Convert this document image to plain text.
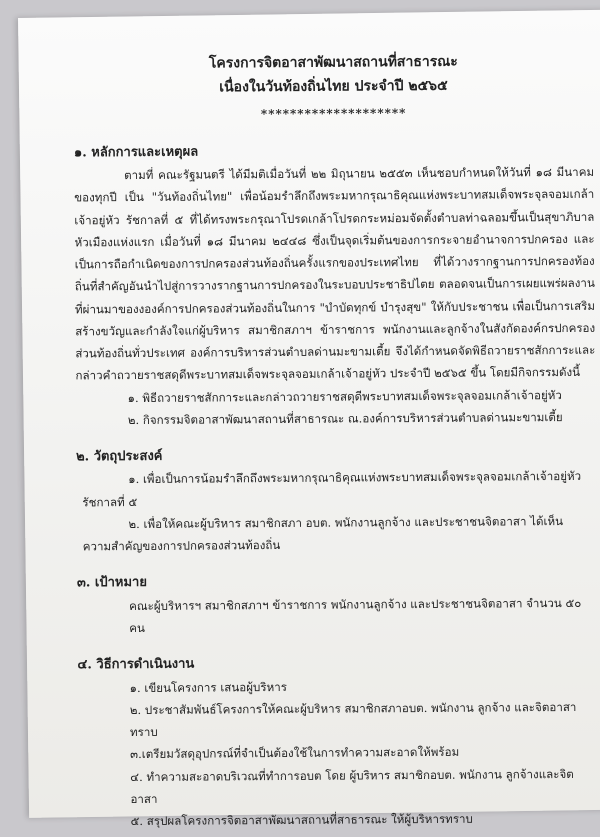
โครงการจิตอาสาพัฒนาสถานที่สาธารณะ
เนื่องในวันท้องถิ่นไทย ประจำปี ๒๕๖๕
********************
๑. หลักการและเหตุผล
ตามที่ คณะรัฐมนตรี ได้มีมติเมื่อวันที่ ๒๒ มิถุนายน ๒๕๕๓ เห็นชอบกำหนดให้วันที่ ๑๘ มีนาคม ของทุกปี เป็น "วันท้องถิ่นไทย" เพื่อน้อมรำลึกถึงพระมหากรุณาธิคุณแห่งพระบาทสมเด็จพระจุลจอมเกล้าเจ้าอยู่หัว รัชกาลที่ ๕ ที่ได้ทรงพระกรุณาโปรดเกล้าโปรดกระหม่อมจัดตั้งตำบลท่าฉลอมขึ้นเป็นสุขาภิบาลหัวเมืองแห่งแรก เมื่อวันที่ ๑๘ มีนาคม ๒๔๔๘ ซึ่งเป็นจุดเริ่มต้นของการกระจายอำนาจการปกครอง และเป็นการถือกำเนิดของการปกครองส่วนท้องถิ่นครั้งแรกของประเทศไทย ที่ได้วางรากฐานการปกครองท้องถิ่นที่สำคัญอันนำไปสู่การวางรากฐานการปกครองในระบอบประชาธิปไตย ตลอดจนเป็นการเผยแพร่ผลงานที่ผ่านมาของงองค์การปกครองส่วนท้องถิ่นในการ "บำบัดทุกข์ บำรุงสุข" ให้กับประชาชน เพื่อเป็นการเสริมสร้างขวัญและกำลังใจแก่ผู้บริหาร สมาชิกสภาฯ ข้าราชการ พนักงานและลูกจ้างในสังกัดองค์กรปกครองส่วนท้องถิ่นทั่วประเทศ องค์การบริหารส่วนตำบลด่านมะขามเตี้ย จึงได้กำหนดจัดพิธีถวายราชสักการะและกล่าวคำถวายราชสดุดีพระบาทสมเด็จพระจุลจอมเกล้าเจ้าอยู่หัว ประจำปี ๒๕๖๕ ขึ้น โดยมีกิจกรรมดังนี้
๑. พิธีถวายราชสักการะและกล่าวถวายราชสดุดีพระบาทสมเด็จพระจุลจอมเกล้าเจ้าอยู่หัว
๒. กิจกรรมจิตอาสาพัฒนาสถานที่สาธารณะ ณ.องค์การบริหารส่วนตำบลด่านมะขามเตี้ย
๒. วัตถุประสงค์
๑. เพื่อเป็นการน้อมรำลึกถึงพระมหากรุณาธิคุณแห่งพระบาทสมเด็จพระจุลจอมเกล้าเจ้าอยู่หัว
รัชกาลที่ ๕
๒. เพื่อให้คณะผู้บริหาร สมาชิกสภา อบต. พนักงานลูกจ้าง และประชาชนจิตอาสา ได้เห็น
ความสำคัญของการปกครองส่วนท้องถิ่น
๓. เป้าหมาย
คณะผู้บริหารฯ สมาชิกสภาฯ ข้าราชการ พนักงานลูกจ้าง และประชาชนจิตอาสา จำนวน ๕๐ คน
๔. วิธีการดำเนินงาน
๑. เขียนโครงการ เสนอผู้บริหาร
๒. ประชาสัมพันธ์โครงการให้คณะผู้บริหาร สมาชิกสภาอบต. พนักงาน ลูกจ้าง และจิตอาสา ทราบ
๓.เตรียมวัสดุอุปกรณ์ที่จำเป็นต้องใช้ในการทำความสะอาดให้พร้อม
๔. ทำความสะอาดบริเวณที่ทำการอบต โดย ผู้บริหาร สมาชิกอบต. พนักงาน ลูกจ้างและจิตอาสา
๕. สรุปผลโครงการจิตอาสาพัฒนาสถานที่สาธารณะ ให้ผู้บริหารทราบ
